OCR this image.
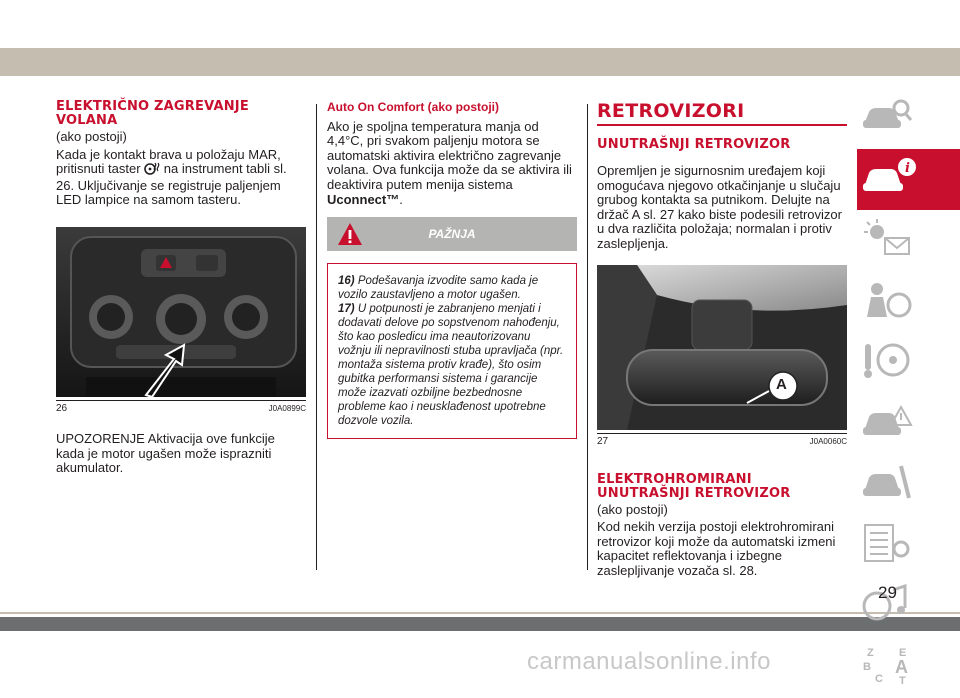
ELEKTRIČNO ZAGREVANJE
VOLANA

(ako postoji)

Kada je kontakt brava u položaju MAR, pritisnuti taster na instrument tabli sl. 26. Uključivanje se registruje paljenjem LED lampice na samom tasteru.

26	J0A0899C

UPOZORENJE Aktivacija ove funkcije kada je motor ugašen može isprazniti akumulator.

Auto On Comfort (ako postoji)

Ako je spoljna temperatura manja od 4,4°C, pri svakom paljenju motora se automatski aktivira električno zagrevanje volana. Ova funkcija može da se aktivira ili deaktivira putem menija sistema Uconnect™.

PAŽNJA

16) Podešavanja izvodite samo kada je vozilo zaustavljeno a motor ugašen.

17) U potpunosti je zabranjeno menjati i dodavati delove po sopstvenom nahođenju, što kao posledicu ima neautorizovanu vožnju ili nepravilnosti stuba upravljača (npr. montaža sistema protiv krađe), što osim gubitka performansi sistema i garancije može izazvati ozbiljne bezbednosne probleme kao i neusklađenost upotrebne dozvole vozila.

RETROVIZORI
UNUTRAŠNJI RETROVIZOR

Opremljen je sigurnosnim uređajem koji omogućava njegovo otkačinjanje u slučaju grubog kontakta sa putnikom. Delujte na držač A sl. 27 kako biste podesili retrovizor u dva različita položaja; normalan i protiv zaslepljenja.

A
27	J0A0060C
ELEKTROHROMIRANI
UNUTRAŠNJI RETROVIZOR

(ako postoji)

Kod nekih verzija postoji elektrohromirani retrovizor koji može da automatski izmeni kapacitet reflektovanja i izbegne zaslepljivanje vozača sl. 28.

i
Z E
B A
C T
29
carmanualsonline.info
